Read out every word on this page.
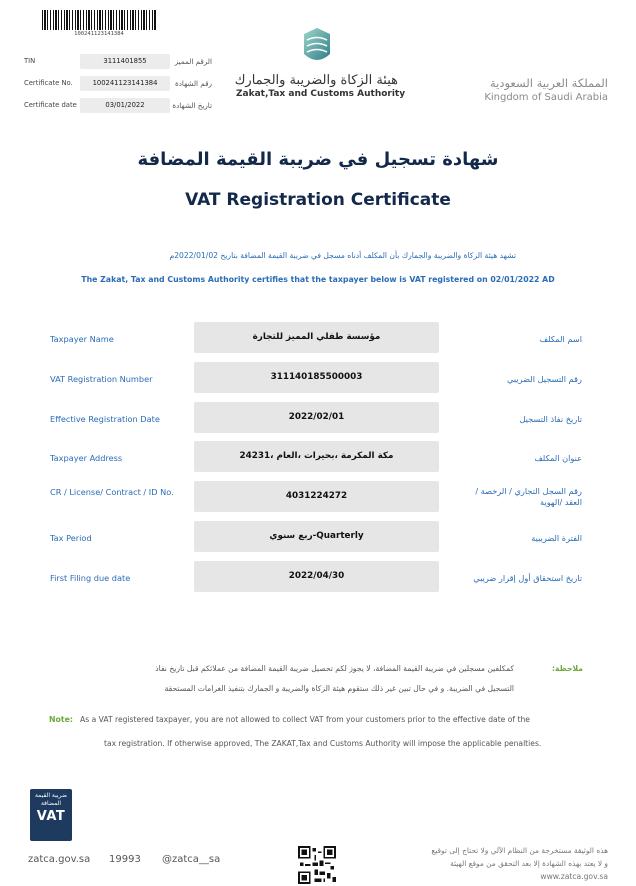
100241123141384
TIN	3111401855	الرقم المميز
Certificate No.	100241123141384	رقم الشهادة
Certificate date	03/01/2022	تاريخ الشهادة
هيئة الزكاة والضريبة والجمارك
Zakat,Tax and Customs Authority
المملكة العربية السعودية
Kingdom of Saudi Arabia
شهادة تسجيل في ضريبة القيمة المضافة
VAT Registration Certificate
تشهد هيئة الزكاة والضريبة والجمارك بأن المكلف أدناه مسجل في ضريبة القيمة المضافة بتاريخ 2022/01/02م
The Zakat, Tax and Customs Authority certifies that the taxpayer below is VAT registered on 02/01/2022 AD
Taxpayer Name	مؤسسة طفلي المميز للتجارة	اسم المكلف
VAT Registration Number	311140185500003	رقم التسجيل الضريبي
Effective Registration Date	2022/02/01	تاريخ نفاذ التسجيل
Taxpayer Address	مكة المكرمة ،بحيرات ،العام ،24231	عنوان المكلف
CR / License/ Contract / ID No.	4031224272	رقم السجل التجاري / الرخصة / العقد /الهوية
Tax Period	ربع سنوي-Quarterly	الفترة الضريبية
First Filing due date	2022/04/30	تاريخ استحقاق أول إقرار ضريبي
ملاحظة:
كمكلفين مسجلين في ضريبة القيمة المضافة، لا يجوز لكم تحصيل ضريبة القيمة المضافة من عملائكم قبل تاريخ نفاذ
التسجيل في الضريبة. و في حال تبين غير ذلك ستقوم هيئة الزكاة والضريبة و الجمارك بتنفيذ الغرامات المستحقة
Note: As a VAT registered taxpayer, you are not allowed to collect VAT from your customers prior to the effective date of the
tax registration. If otherwise approved, The ZAKAT,Tax and Customs Authority will impose the applicable penalties.
ضريبة القيمة المضافة
VAT
zatca.gov.sa 19993 @zatca__sa
هذه الوثيقة مستخرجة من النظام الآلي ولا تحتاج إلى توقيع
و لا يعتد بهذه الشهادة إلا بعد التحقق من موقع الهيئة
www.zatca.gov.sa
